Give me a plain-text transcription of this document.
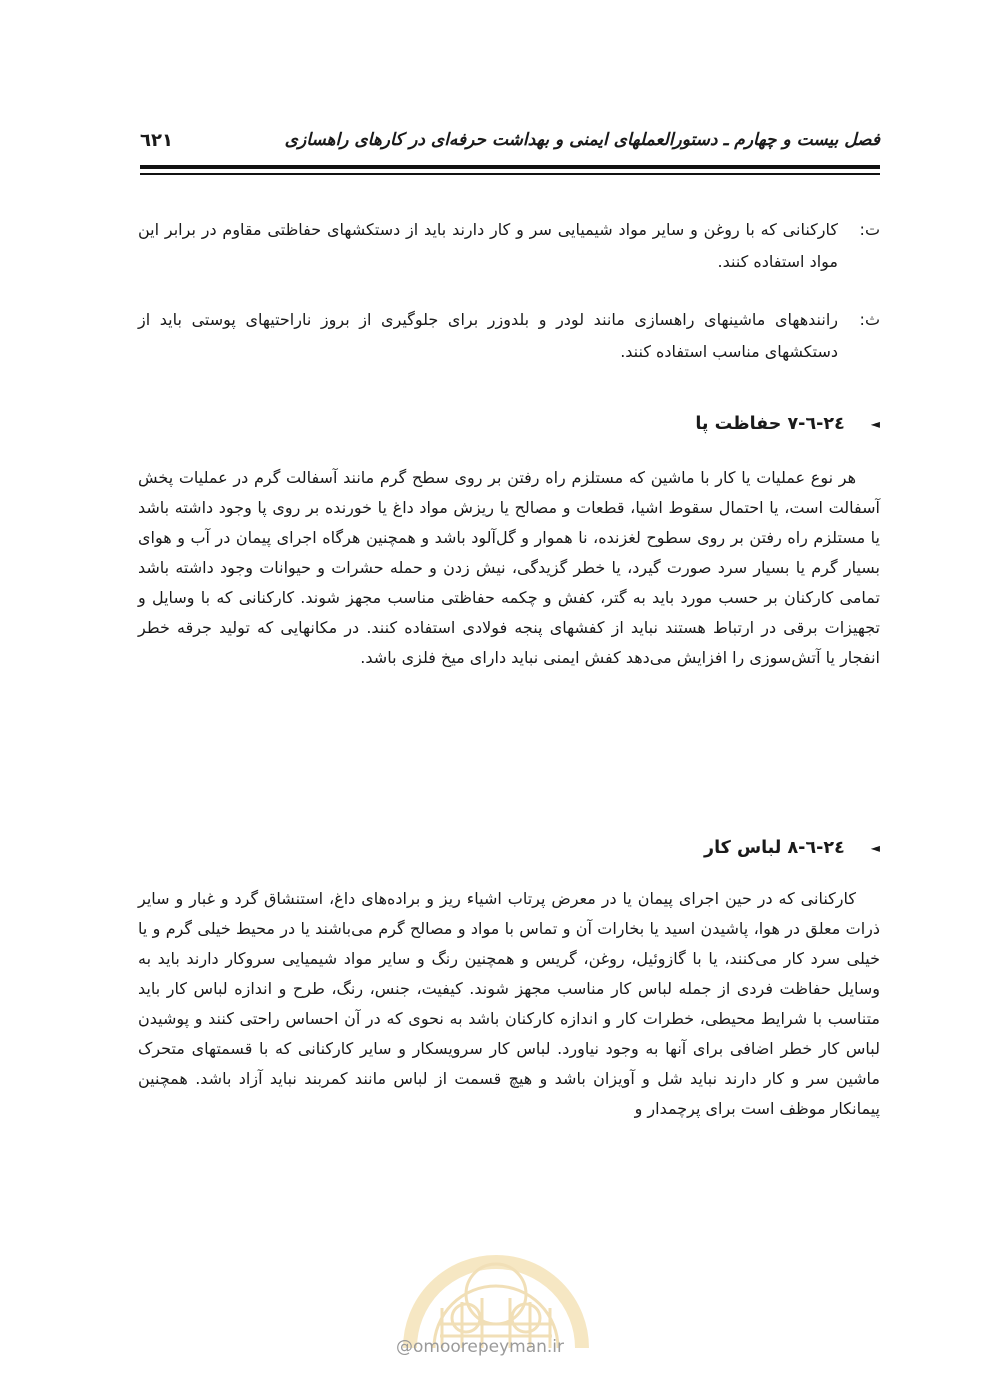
فصل بیست و چهارم ـ دستورالعملهای ایمنی و بهداشت حرفه‌ای در کارهای راهسازی
٦٢١
ت:
کارکنانی که با روغن و سایر مواد شیمیایی سر و کار دارند باید از دستکشهای حفاظتی مقاوم در برابر این مواد استفاده کنند.
ث:
رانندههای ماشینهای راهسازی مانند لودر و بلدوزر برای جلوگیری از بروز ناراحتیهای پوستی باید از دستکشهای مناسب استفاده کنند.
◄٢٤-٦-٧ حفاظت پا

هر نوع عملیات یا کار با ماشین که مستلزم راه رفتن بر روی سطح گرم مانند آسفالت گرم در عملیات پخش آسفالت است، یا احتمال سقوط اشیا، قطعات و مصالح یا ریزش مواد داغ یا خورنده بر روی پا وجود داشته باشد یا مستلزم راه رفتن بر روی سطوح لغزنده، نا هموار و گل‌آلود باشد و همچنین هرگاه اجرای پیمان در آب و هوای بسیار گرم یا بسیار سرد صورت گیرد، یا خطر گزیدگی، نیش زدن و حمله حشرات و حیوانات وجود داشته باشد تمامی کارکنان بر حسب مورد باید به گتر، کفش و چکمه حفاظتی مناسب مجهز شوند. کارکنانی که با وسایل و تجهیزات برقی در ارتباط هستند نباید از کفشهای پنجه فولادی استفاده کنند. در مکانهایی که تولید جرقه خطر انفجار یا آتش‌سوزی را افزایش می‌دهد کفش ایمنی نباید دارای میخ فلزی باشد.

◄٢٤-٦-٨ لباس کار

کارکنانی که در حین اجرای پیمان یا در معرض پرتاب اشیاء ریز و براده‌های داغ، استنشاق گرد و غبار و سایر ذرات معلق در هوا، پاشیدن اسید یا بخارات آن و تماس با مواد و مصالح گرم می‌باشند یا در محیط خیلی گرم و یا خیلی سرد کار می‌کنند، یا با گازوئیل، روغن، گریس و همچنین رنگ و سایر مواد شیمیایی سروکار دارند باید به وسایل حفاظت فردی از جمله لباس کار مناسب مجهز شوند. کیفیت، جنس، رنگ، طرح و اندازه لباس کار باید متناسب با شرایط محیطی، خطرات کار و اندازه کارکنان باشد به نحوی که در آن احساس راحتی کنند و پوشیدن لباس کار خطر اضافی برای آنها به وجود نیاورد. لباس کار سرویسکار و سایر کارکنانی که با قسمتهای متحرک ماشین سر و کار دارند نباید شل و آویزان باشد و هیچ قسمت از لباس مانند کمربند نباید آزاد باشد. همچنین پیمانکار موظف است برای پرچمدار و

@omoorepeyman.ir
